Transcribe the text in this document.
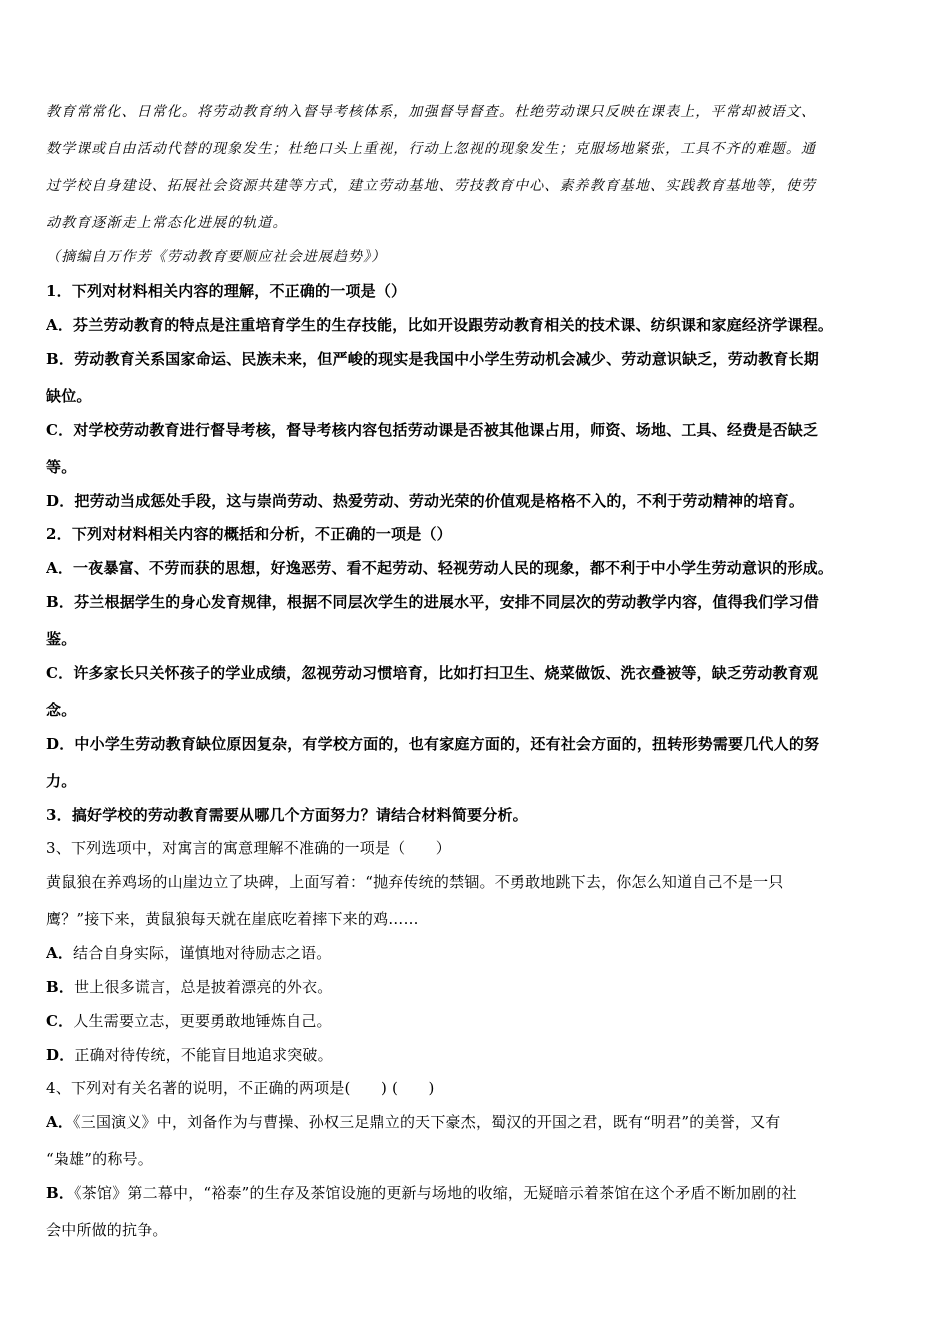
教育常常化、日常化。将劳动教育纳入督导考核体系，加强督导督查。杜绝劳动课只反映在课表上，平常却被语文、

数学课或自由活动代替的现象发生；杜绝口头上重视，行动上忽视的现象发生；克服场地紧张，工具不齐的难题。通

过学校自身建设、拓展社会资源共建等方式，建立劳动基地、劳技教育中心、素养教育基地、实践教育基地等，使劳

动教育逐渐走上常态化进展的轨道。

（摘编自万作芳《劳动教育要顺应社会进展趋势》）

1．下列对材料相关内容的理解，不正确的一项是（）

A．芬兰劳动教育的特点是注重培育学生的生存技能，比如开设跟劳动教育相关的技术课、纺织课和家庭经济学课程。

B．劳动教育关系国家命运、民族未来，但严峻的现实是我国中小学生劳动机会减少、劳动意识缺乏，劳动教育长期

缺位。

C．对学校劳动教育进行督导考核，督导考核内容包括劳动课是否被其他课占用，师资、场地、工具、经费是否缺乏

等。

D．把劳动当成惩处手段，这与崇尚劳动、热爱劳动、劳动光荣的价值观是格格不入的，不利于劳动精神的培育。

2．下列对材料相关内容的概括和分析，不正确的一项是（）

A．一夜暴富、不劳而获的思想，好逸恶劳、看不起劳动、轻视劳动人民的现象，都不利于中小学生劳动意识的形成。

B．芬兰根据学生的身心发育规律，根据不同层次学生的进展水平，安排不同层次的劳动教学内容，值得我们学习借

鉴。

C．许多家长只关怀孩子的学业成绩，忽视劳动习惯培育，比如打扫卫生、烧菜做饭、洗衣叠被等，缺乏劳动教育观

念。

D．中小学生劳动教育缺位原因复杂，有学校方面的，也有家庭方面的，还有社会方面的，扭转形势需要几代人的努

力。

3．搞好学校的劳动教育需要从哪几个方面努力？请结合材料简要分析。

3、下列选项中，对寓言的寓意理解不准确的一项是（　　）

黄鼠狼在养鸡场的山崖边立了块碑，上面写着：“抛弃传统的禁锢。不勇敢地跳下去，你怎么知道自己不是一只

鹰？”接下来，黄鼠狼每天就在崖底吃着摔下来的鸡……

A．结合自身实际，谨慎地对待励志之语。

B．世上很多谎言，总是披着漂亮的外衣。

C．人生需要立志，更要勇敢地锤炼自己。

D．正确对待传统，不能盲目地追求突破。

4、下列对有关名著的说明，不正确的两项是(　　) (　　)

A．《三国演义》中，刘备作为与曹操、孙权三足鼎立的天下豪杰，蜀汉的开国之君，既有“明君”的美誉，又有

“枭雄”的称号。

B．《茶馆》第二幕中，“裕泰”的生存及茶馆设施的更新与场地的收缩，无疑暗示着茶馆在这个矛盾不断加剧的社

会中所做的抗争。
